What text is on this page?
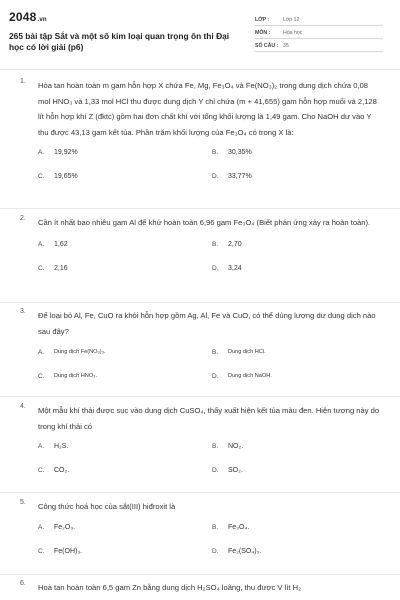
2048.vn
265 bài tập Sắt và một số kim loại quan trọng ôn thi Đại học có lời giải (p6)
LỚP :	Lớp 12
MÔN :	Hóa học
SỐ CÂU : 35
1.	Hòa tan hoàn toàn m gam hỗn hợp X chứa Fe, Mg, Fe₃O₄ và Fe(NO₃)₂ trong dung dịch chứa 0,08 mol HNO₃ và 1,33 mol HCl thu được dung dịch Y chỉ chứa (m + 41,655) gam hỗn hợp muối và 2,128 lít hỗn hợp khí Z (đktc) gồm hai đơn chất khí với tổng khối lượng là 1,49 gam. Cho NaOH dư vào Y thu được 43,13 gam kết tủa. Phần trăm khối lượng của Fe₃O₄ có trong X là:
A.	19,92%	B.	30,35%
C.	19,65%	D.	33,77%
2.	Cần ít nhất bao nhiêu gam Al để khử hoàn toàn 6,96 gam Fe₃O₄ (Biết phản ứng xảy ra hoàn toàn).
A.	1,62	B.	2,70
C.	2,16	D.	3,24
3.	Để loại bỏ Al, Fe, CuO ra khỏi hỗn hợp gồm Ag, Al, Fe và CuO, có thể dùng lượng dư dung dịch nào sau đây?
A.	Dung dịch Fe(NO₃)₃.	B.	Dung dịch HCl.
C.	Dung dịch HNO₃.	D.	Dung dịch NaOH.
4.	Một mẫu khí thải được sục vào dung dịch CuSO₄, thấy xuất hiện kết tủa màu đen. Hiện tượng này do trong khí thải có
A.	H₂S.	B.	NO₂.
C.	CO₂.	D.	SO₂.
5.	Công thức hoá học của sắt(III) hiđroxit là
A.	Fe₂O₃.	B.	Fe₃O₄.
C.	Fe(OH)₃.	D.	Fe₂(SO₄)₃.
6.	Hoà tan hoàn toàn 6,5 gam Zn bằng dung dịch H₂SO₄ loãng, thu được V lít H₂
